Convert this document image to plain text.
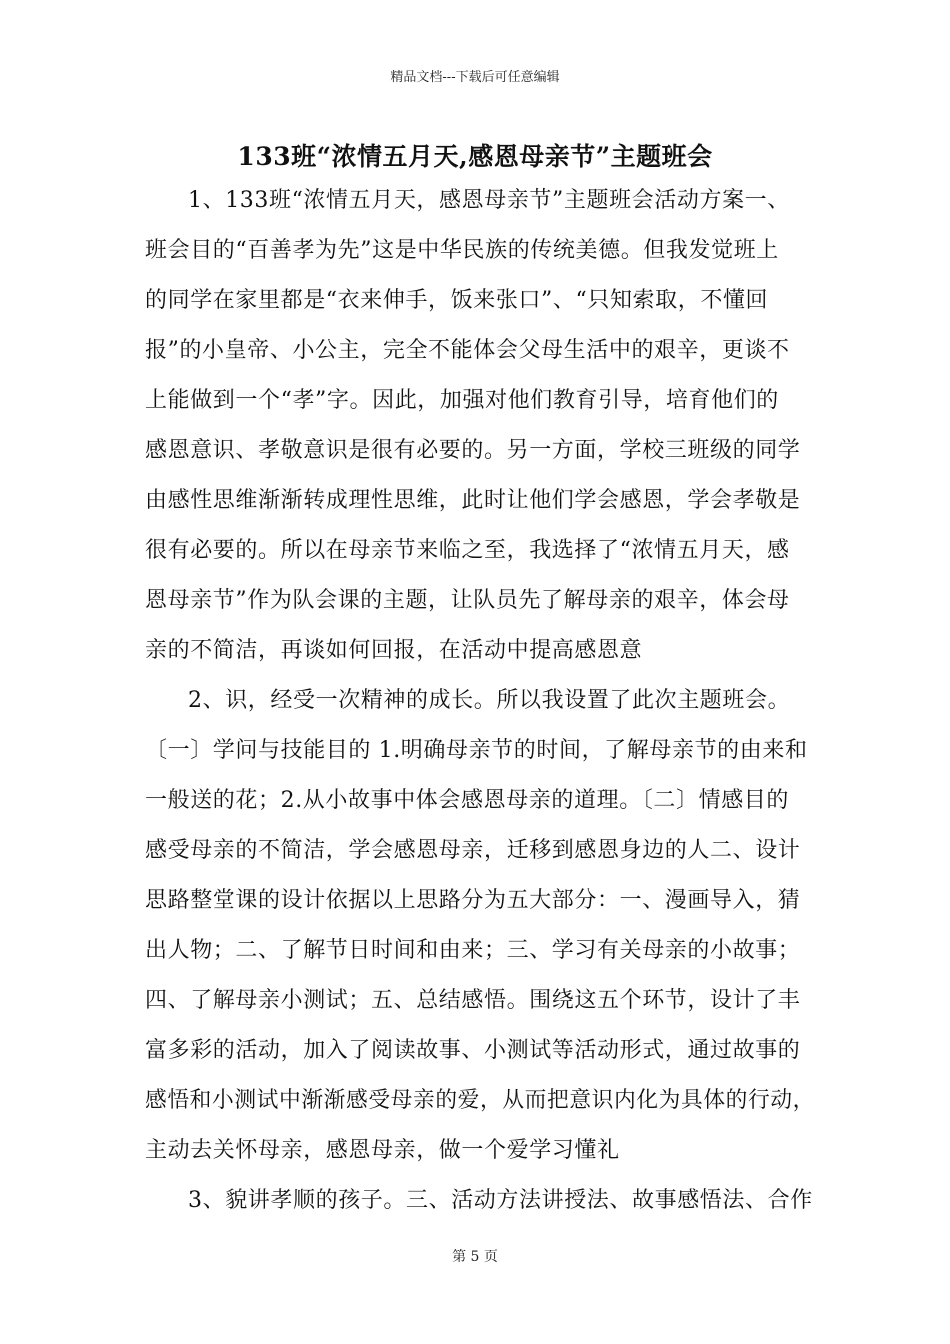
精品文档---下载后可任意编辑
133班“浓情五月天,感恩母亲节”主题班会
1、133班“浓情五月天，感恩母亲节”主题班会活动方案一、
班会目的“百善孝为先”这是中华民族的传统美德。但我发觉班上
的同学在家里都是“衣来伸手，饭来张口”、“只知索取，不懂回
报”的小皇帝、小公主，完全不能体会父母生活中的艰辛，更谈不
上能做到一个“孝”字。因此，加强对他们教育引导，培育他们的
感恩意识、孝敬意识是很有必要的。另一方面，学校三班级的同学
由感性思维渐渐转成理性思维，此时让他们学会感恩，学会孝敬是
很有必要的。所以在母亲节来临之至，我选择了“浓情五月天，感
恩母亲节”作为队会课的主题，让队员先了解母亲的艰辛，体会母
亲的不简洁，再谈如何回报，在活动中提高感恩意
2、识，经受一次精神的成长。所以我设置了此次主题班会。
〔一〕学问与技能目的 1.明确母亲节的时间，了解母亲节的由来和
一般送的花；2.从小故事中体会感恩母亲的道理。〔二〕情感目的
感受母亲的不简洁，学会感恩母亲，迁移到感恩身边的人二、设计
思路整堂课的设计依据以上思路分为五大部分：一、漫画导入，猜
出人物；二、了解节日时间和由来；三、学习有关母亲的小故事；
四、了解母亲小测试；五、总结感悟。围绕这五个环节，设计了丰
富多彩的活动，加入了阅读故事、小测试等活动形式，通过故事的
感悟和小测试中渐渐感受母亲的爱，从而把意识内化为具体的行动，
主动去关怀母亲，感恩母亲，做一个爱学习懂礼
3、貌讲孝顺的孩子。三、活动方法讲授法、故事感悟法、合作
第 5 页
